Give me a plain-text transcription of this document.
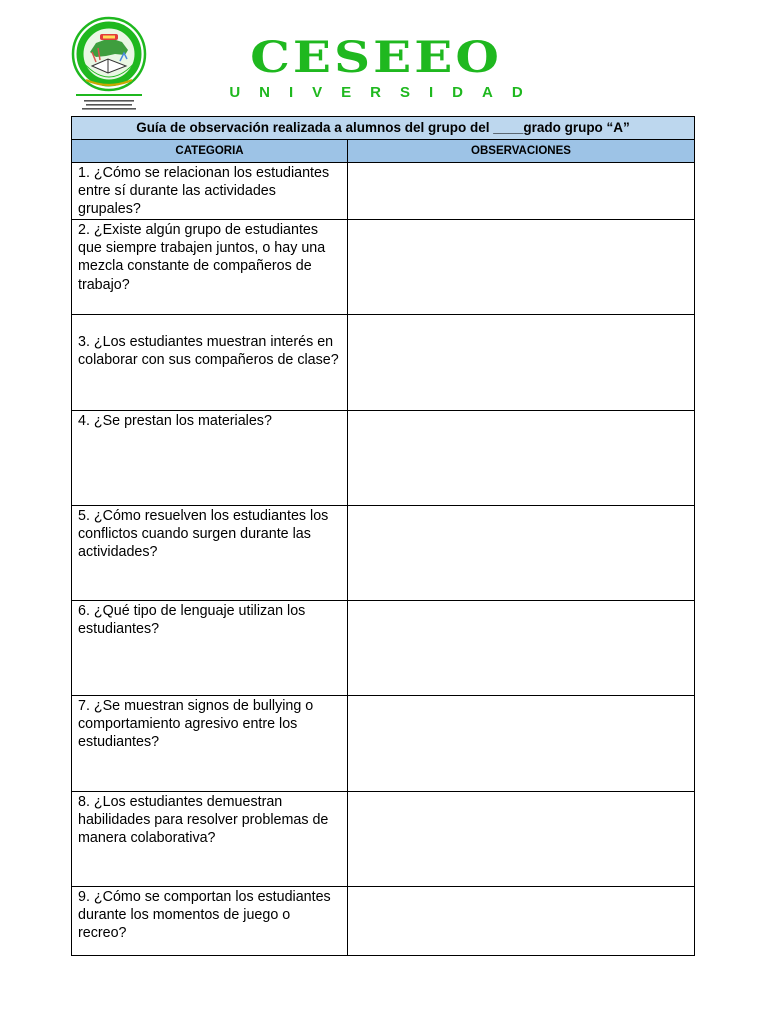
CESEEO
UNIVERSIDAD
Guía de observación realizada a alumnos del grupo del ____grado grupo “A”	
CATEGORIA	OBSERVACIONES
1. ¿Cómo se relacionan los estudiantes entre sí durante las actividades grupales?	
2. ¿Existe algún grupo de estudiantes que siempre trabajen juntos, o hay una mezcla constante de compañeros de trabajo?	
3. ¿Los estudiantes muestran interés en colaborar con sus compañeros de clase?	
4. ¿Se prestan los materiales?	
5. ¿Cómo resuelven los estudiantes los conflictos cuando surgen durante las actividades?	
6. ¿Qué tipo de lenguaje utilizan los estudiantes?	
7. ¿Se muestran signos de bullying o comportamiento agresivo entre los estudiantes?	
8. ¿Los estudiantes demuestran habilidades para resolver problemas de manera colaborativa?	
9. ¿Cómo se comportan los estudiantes durante los momentos de juego o recreo?	
